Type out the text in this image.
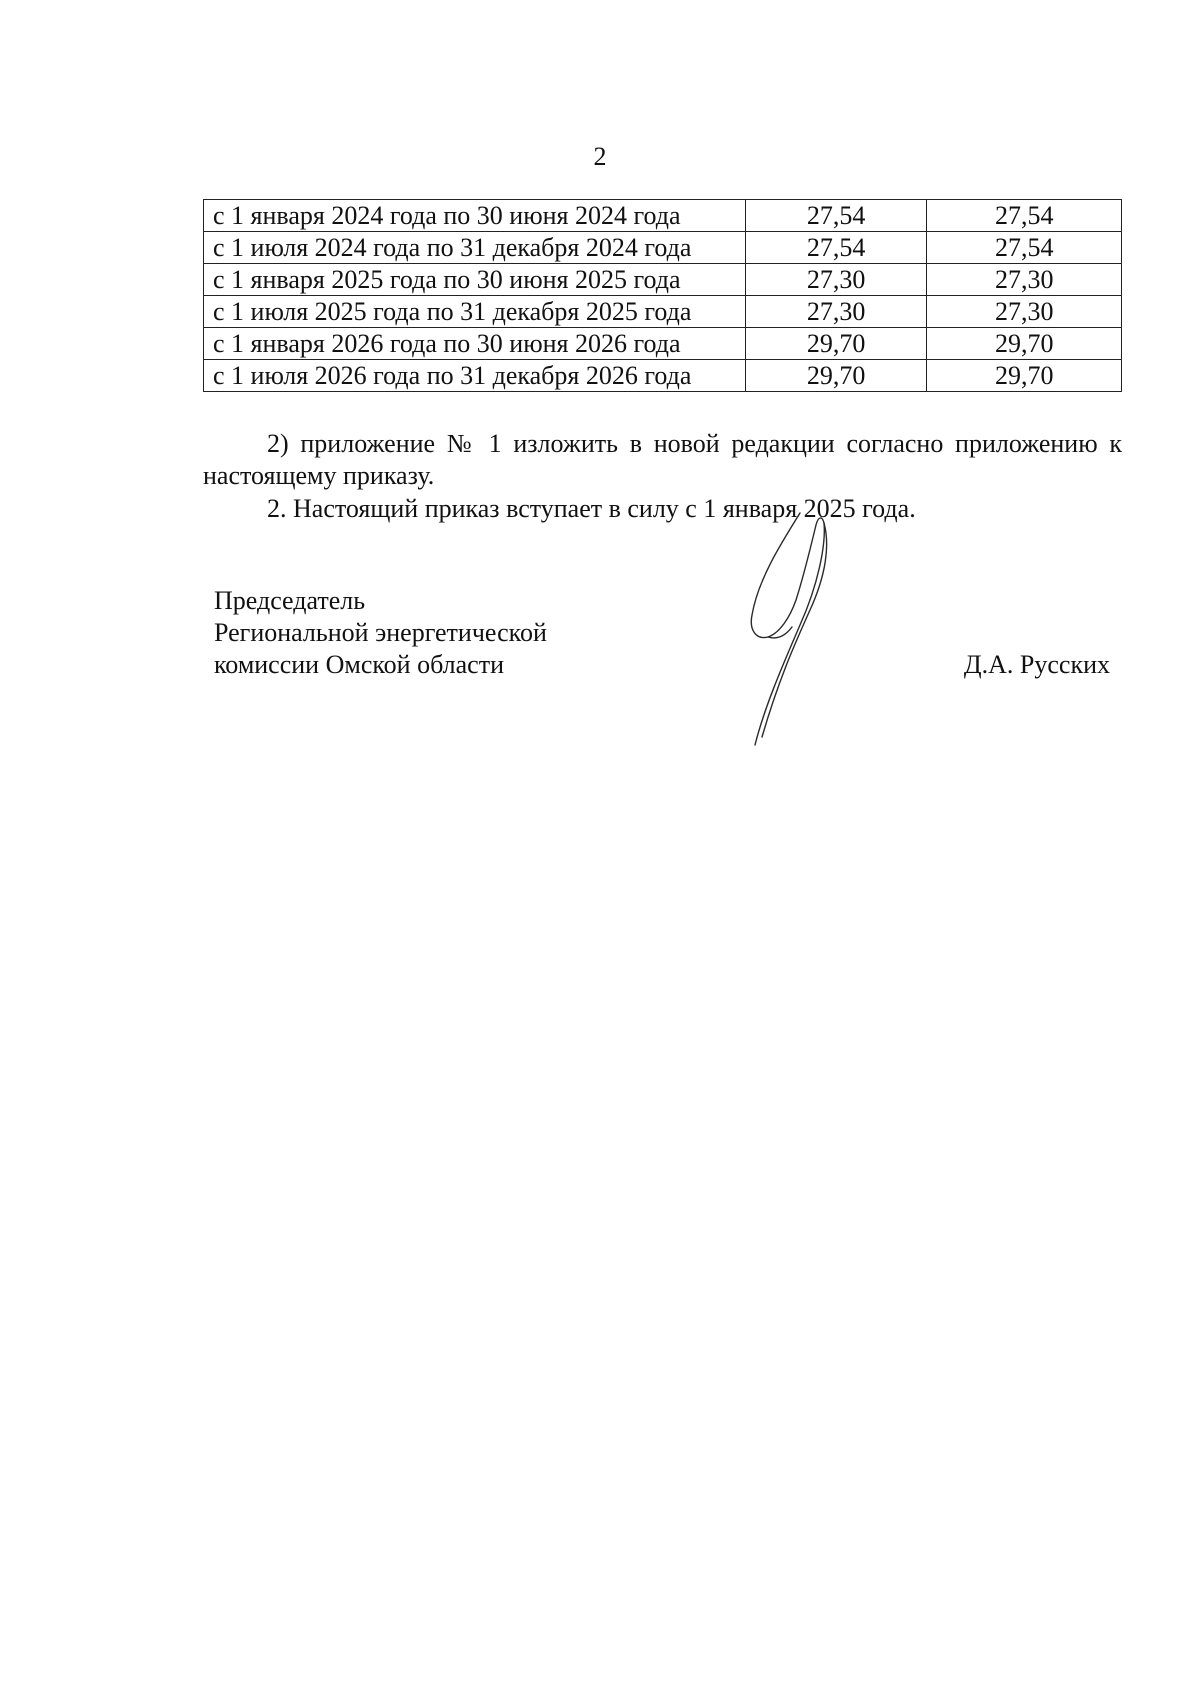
2
с 1 января 2024 года по 30 июня 2024 года	27,54	27,54
с 1 июля 2024 года по 31 декабря 2024 года	27,54	27,54
с 1 января 2025 года по 30 июня 2025 года	27,30	27,30
с 1 июля 2025 года по 31 декабря 2025 года	27,30	27,30
с 1 января 2026 года по 30 июня 2026 года	29,70	29,70
с 1 июля 2026 года по 31 декабря 2026 года	29,70	29,70
2) приложение № 1 изложить в новой редакции согласно приложению к настоящему приказу.
2. Настоящий приказ вступает в силу с 1 января 2025 года.
Председатель
Региональной энергетической
комиссии Омской области	Д.А. Русских
